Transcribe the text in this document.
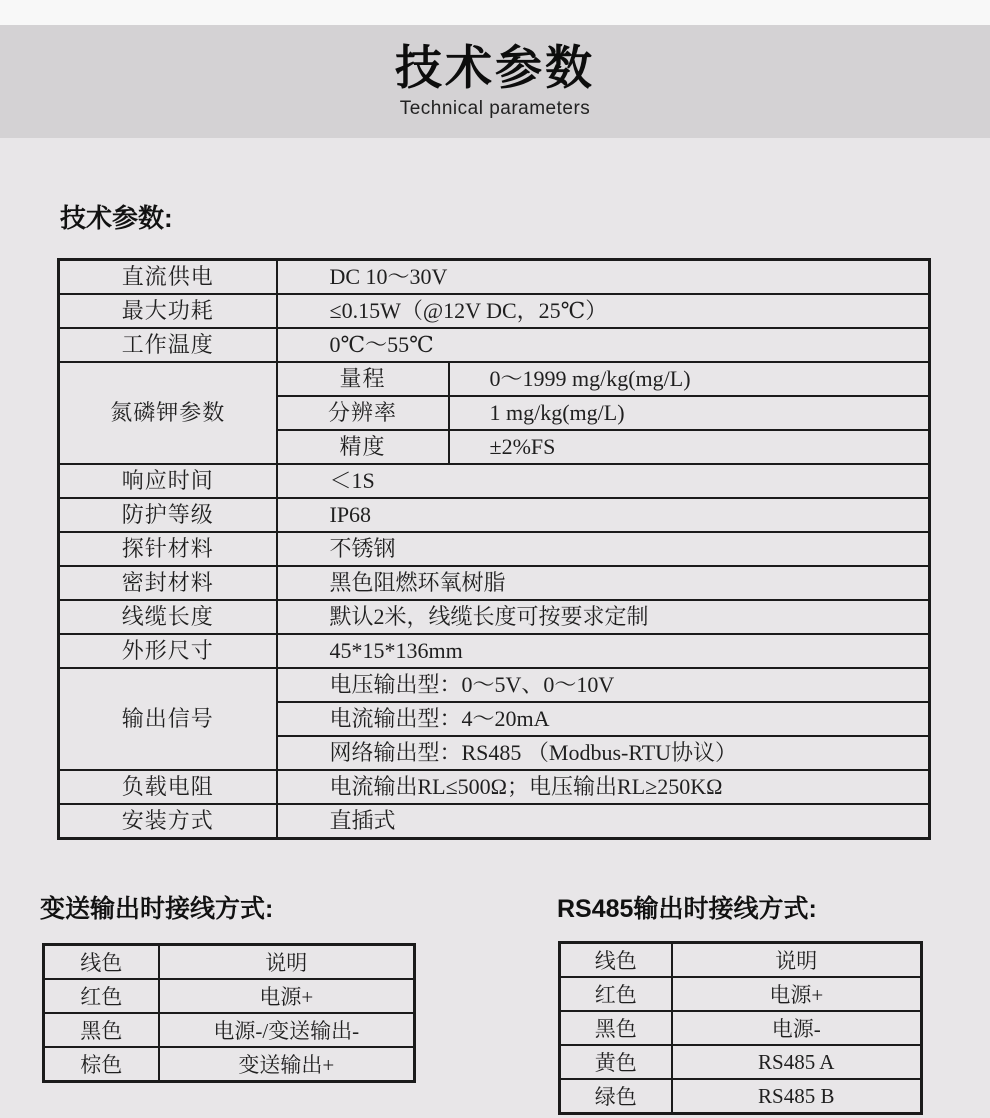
技术参数
Technical parameters
技术参数:
直流供电	DC 10～30V	
最大功耗	≤0.15W（@12V DC，25℃）	
工作温度	0℃～55℃	
氮磷钾参数	量程	0～1999 mg/kg(mg/L)
	分辨率	1 mg/kg(mg/L)
	精度	±2%FS
响应时间	＜1S	
防护等级	IP68	
探针材料	不锈钢	
密封材料	黑色阻燃环氧树脂	
线缆长度	默认2米，线缆长度可按要求定制	
外形尺寸	45*15*136mm	
输出信号	电压输出型：0～5V、0～10V	
	电流输出型：4～20mA	
	网络输出型：RS485 （Modbus-RTU协议）	
负载电阻	电流输出RL≤500Ω；电压输出RL≥250KΩ	
安装方式	直插式	
变送输出时接线方式:	RS485输出时接线方式:
线色	说明
红色	电源+
黑色	电源-/变送输出-
棕色	变送输出+
线色	说明
红色	电源+
黑色	电源-
黄色	RS485 A
绿色	RS485 B
